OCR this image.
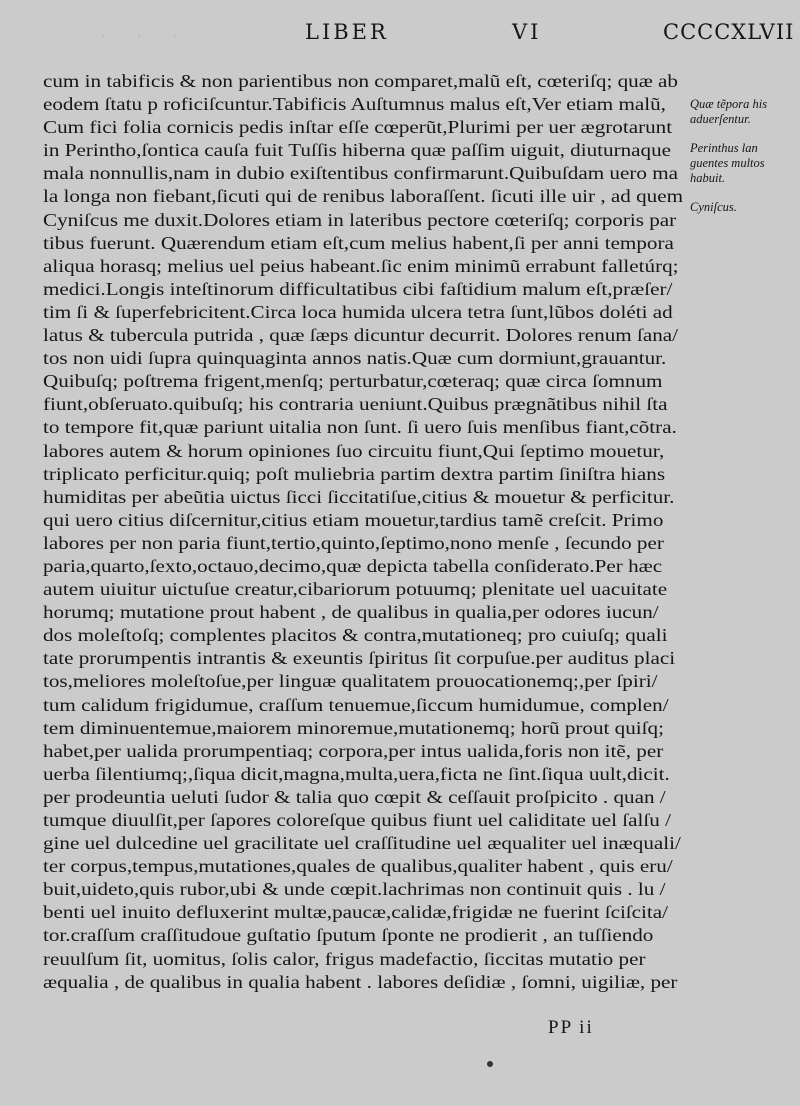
· · ·	LIBER	VI	CCCCXLVII
cum in tabificis & non parientibus non comparet,malũ eſt, cœteriſq; quæ ab
eodem ſtatu p roficiſcuntur.Tabificis Auſtumnus malus eſt,Ver etiam malũ,
Cum fici folia cornicis pedis inſtar eſſe cœperũt,Plurimi per uer ægrotarunt
in Perintho,ſontica cauſa fuit Tuſſis hiberna quæ paſſim uiguit, diuturnaque
mala nonnullis,nam in dubio exiſtentibus confirmarunt.Quibuſdam uero ma
la longa non fiebant,ſicuti qui de renibus laboraſſent. ſicuti ille uir , ad quem
Cyniſcus me duxit.Dolores etiam in lateribus pectore cœteriſq; corporis par
tibus fuerunt. Quærendum etiam eſt,cum melius habent,ſi per anni tempora
aliqua horasq; melius uel peius habeant.ſic enim minimũ errabunt falletúrq;
medici.Longis inteſtinorum difficultatibus cibi faſtidium malum eſt,præſer/
tim ſi & ſuperfebricitent.Circa loca humida ulcera tetra ſunt,lũbos doléti ad
latus & tubercula putrida , quæ ſæps dicuntur decurrit. Dolores renum ſana/
tos non uidi ſupra quinquaginta annos natis.Quæ cum dormiunt,grauantur.
Quibuſq; poſtrema frigent,menſq; perturbatur,cœteraq; quæ circa ſomnum
fiunt,obſeruato.quibuſq; his contraria ueniunt.Quibus prægnãtibus nihil ſta
to tempore fit,quæ pariunt uitalia non ſunt. ſi uero ſuis menſibus fiant,cõtra.
labores autem & horum opiniones ſuo circuitu fiunt,Qui ſeptimo mouetur,
triplicato perficitur.quiq; poſt muliebria partim dextra partim ſiniſtra hians
humiditas per abeũtia uictus ſicci ſiccitatiſue,citius & mouetur & perficitur.
qui uero citius diſcernitur,citius etiam mouetur,tardius tamẽ creſcit. Primo
labores per non paria fiunt,tertio,quinto,ſeptimo,nono menſe , ſecundo per
paria,quarto,ſexto,octauo,decimo,quæ depicta tabella conſiderato.Per hæc
autem uiuitur uictuſue creatur,cibariorum potuumq; plenitate uel uacuitate
horumq; mutatione prout habent , de qualibus in qualia,per odores iucun/
dos moleſtoſq; complentes placitos & contra,mutationeq; pro cuiuſq; quali
tate prorumpentis intrantis & exeuntis ſpiritus ſit corpuſue.per auditus placi
tos,meliores moleſtoſue,per linguæ qualitatem prouocationemq;,per ſpiri/
tum calidum frigidumue, craſſum tenuemue,ſiccum humidumue, complen/
tem diminuentemue,maiorem minoremue,mutationemq; horũ prout quiſq;
habet,per ualida prorumpentiaq; corpora,per intus ualida,foris non itẽ, per
uerba ſilentiumq;,ſiqua dicit,magna,multa,uera,ficta ne ſint.ſiqua uult,dicit.
per prodeuntia ueluti ſudor & talia quo cœpit & ceſſauit proſpicito . quan /
tumque diuulſit,per ſapores coloreſque quibus fiunt uel caliditate uel ſalſu /
gine uel dulcedine uel gracilitate uel craſſitudine uel æqualiter uel inæquali/
ter corpus,tempus,mutationes,quales de qualibus,qualiter habent , quis eru/
buit,uideto,quis rubor,ubi & unde cœpit.lachrimas non continuit quis . lu /
benti uel inuito defluxerint multæ,paucæ,calidæ,frigidæ ne fuerint ſciſcita/
tor.craſſum craſſitudoue guſtatio ſputum ſponte ne prodierit , an tuſſiendo
reuulſum ſit, uomitus, ſolis calor, frigus madefactio, ſiccitas mutatio per
æqualia , de qualibus in qualia habent . labores deſidiæ , ſomni, uigiliæ, per
Quæ tẽpora his aduerſentur.
Perinthus lan guentes multos habuit.
Cyniſcus.
PP ii
